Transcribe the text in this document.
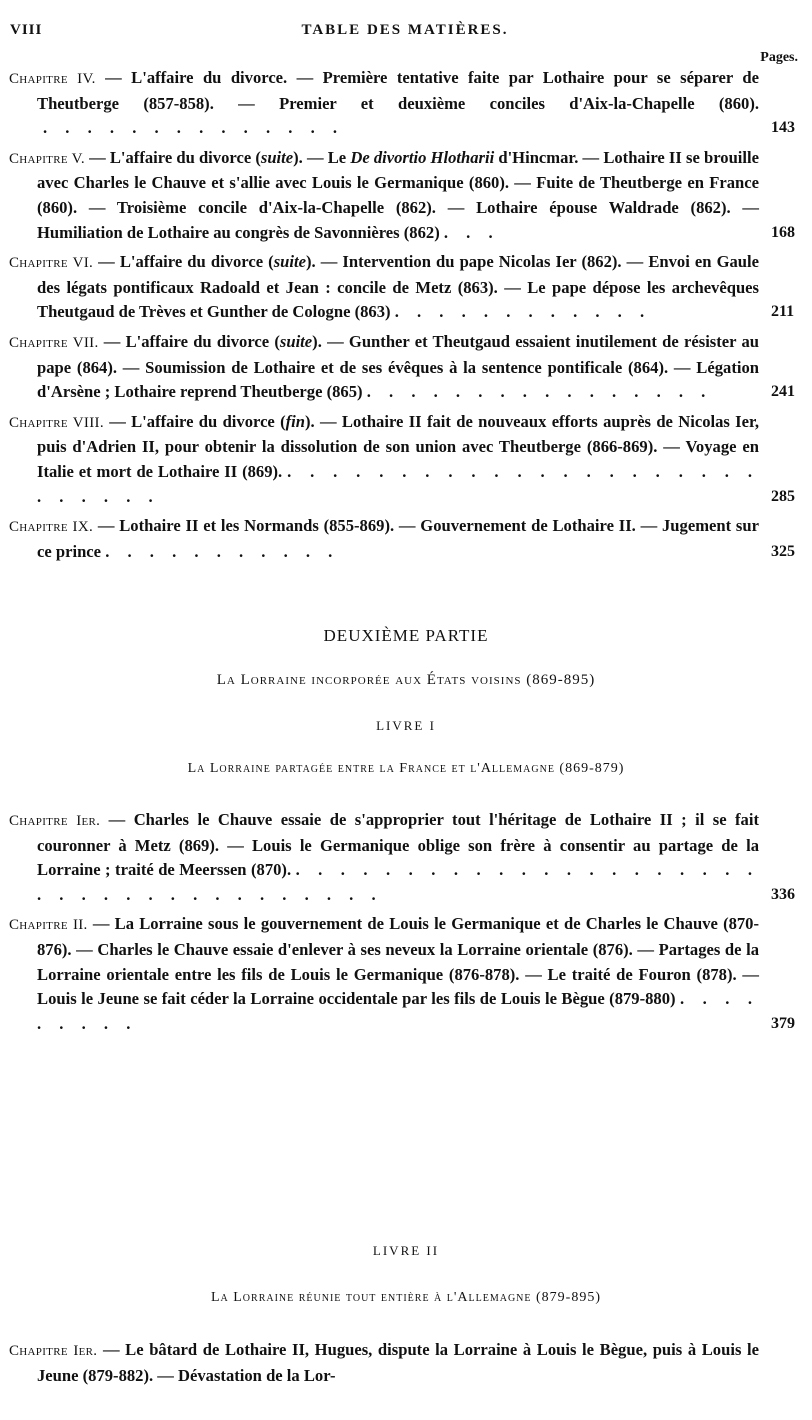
VIII	TABLE DES MATIÈRES.
Pages.
Chapitre IV. — L'affaire du divorce. — Première tentative faite par Lothaire pour se séparer de Theutberge (857-858). — Premier et deuxième conciles d'Aix-la-Chapelle (860). . . . . . . . . . . . . . .	143
Chapitre V. — L'affaire du divorce (suite). — Le De divortio Hlotharii d'Hincmar. — Lothaire II se brouille avec Charles le Chauve et s'allie avec Louis le Germanique (860). — Fuite de Theutberge en France (860). — Troisième concile d'Aix-la-Chapelle (862). — Lothaire épouse Waldrade (862). — Humiliation de Lothaire au congrès de Savonnières (862) . . .	168
Chapitre VI. — L'affaire du divorce (suite). — Intervention du pape Nicolas Ier (862). — Envoi en Gaule des légats pontificaux Radoald et Jean : concile de Metz (863). — Le pape dépose les archevêques Theutgaud de Trèves et Gunther de Cologne (863) . . . . . . . . . . . .	211
Chapitre VII. — L'affaire du divorce (suite). — Gunther et Theutgaud essaient inutilement de résister au pape (864). — Soumission de Lothaire et de ses évêques à la sentence pontificale (864). — Légation d'Arsène ; Lothaire reprend Theutberge (865) . . . . . . . . . . . . . . . .	241
Chapitre VIII. — L'affaire du divorce (fin). — Lothaire II fait de nouveaux efforts auprès de Nicolas Ier, puis d'Adrien II, pour obtenir la dissolution de son union avec Theutberge (866-869). — Voyage en Italie et mort de Lothaire II (869). . . . . . . . . . . . . . . . . . . . . . . . . . . .	285
Chapitre IX. — Lothaire II et les Normands (855-869). — Gouvernement de Lothaire II. — Jugement sur ce prince . . . . . . . . . . .	325
DEUXIÈME PARTIE
La Lorraine incorporée aux États voisins (869-895)
LIVRE I
La Lorraine partagée entre la France et l'Allemagne (869-879)
Chapitre Ier. — Charles le Chauve essaie de s'approprier tout l'héritage de Lothaire II ; il se fait couronner à Metz (869). — Louis le Germanique oblige son frère à consentir au partage de la Lorraine ; traité de Meerssen (870). . . . . . . . . . . . . . . . . . . . . . . . . . . . . . . . . . . . . .	336
Chapitre II. — La Lorraine sous le gouvernement de Louis le Germanique et de Charles le Chauve (870-876). — Charles le Chauve essaie d'enlever à ses neveux la Lorraine orientale (876). — Partages de la Lorraine orientale entre les fils de Louis le Germanique (876-878). — Le traité de Fouron (878). — Louis le Jeune se fait céder la Lorraine occidentale par les fils de Louis le Bègue (879-880) . . . . . . . . .	379
LIVRE II
La Lorraine réunie tout entière à l'Allemagne (879-895)
Chapitre Ier. — Le bâtard de Lothaire II, Hugues, dispute la Lorraine à Louis le Bègue, puis à Louis le Jeune (879-882). — Dévastation de la Lor-
